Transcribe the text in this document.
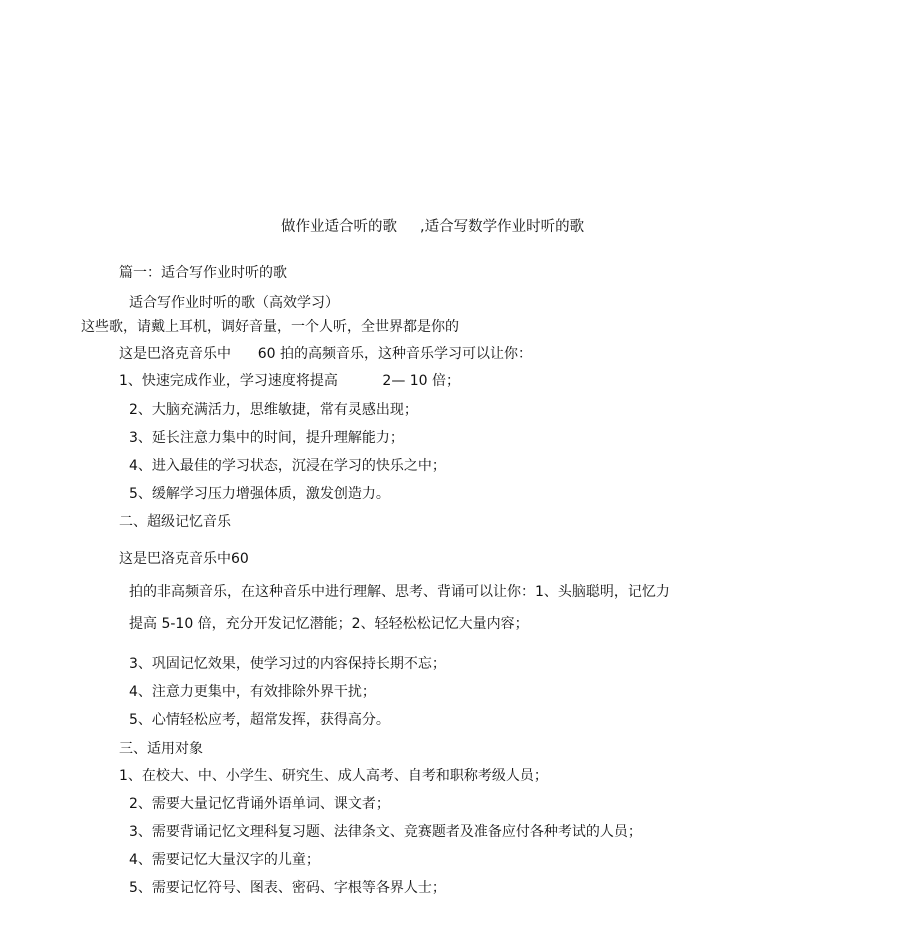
做作业适合听的歌     ,适合写数学作业时听的歌
篇一：适合写作业时听的歌
适合写作业时听的歌（高效学习）
这些歌，请戴上耳机，调好音量，一个人听，全世界都是你的
这是巴洛克音乐中      60 拍的高频音乐，这种音乐学习可以让你：
1、快速完成作业，学习速度将提高          2— 10 倍；
2、大脑充满活力，思维敏捷，常有灵感出现；
3、延长注意力集中的时间，提升理解能力；
4、进入最佳的学习状态，沉浸在学习的快乐之中；
5、缓解学习压力增强体质，激发创造力。
二、超级记忆音乐
这是巴洛克音乐中60
拍的非高频音乐，在这种音乐中进行理解、思考、背诵可以让你：1、头脑聪明，记忆力
提高 5-10 倍，充分开发记忆潜能；2、轻轻松松记忆大量内容；
3、巩固记忆效果，使学习过的内容保持长期不忘；
4、注意力更集中，有效排除外界干扰；
5、心情轻松应考，超常发挥，获得高分。
三、适用对象
1、在校大、中、小学生、研究生、成人高考、自考和职称考级人员；
2、需要大量记忆背诵外语单词、课文者；
3、需要背诵记忆文理科复习题、法律条文、竞赛题者及准备应付各种考试的人员；
4、需要记忆大量汉字的儿童；
5、需要记忆符号、图表、密码、字根等各界人士；
